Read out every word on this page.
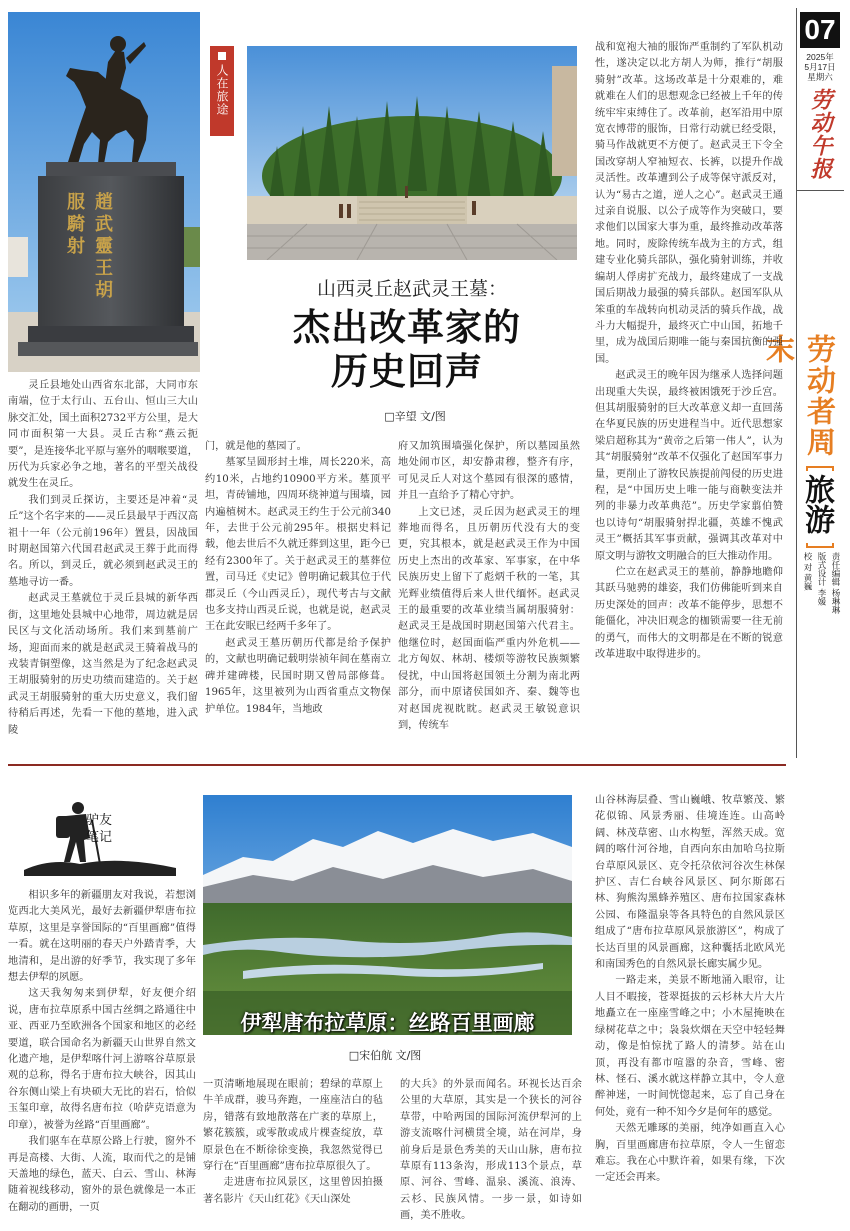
07
2025年
5月17日
星期六
劳动午报
劳动者周末
旅游
责任编辑 杨琳琳
版式设计 李媛
校 对 黄巍
趙武靈王胡服騎射
人在旅途
山西灵丘赵武灵王墓：
杰出改革家的
历史回声
□辛望 文/图

灵丘县地处山西省东北部，大同市东南端，位于太行山、五台山、恒山三大山脉交汇处，国土面积2732平方公里，是大同市面积第一大县。灵丘古称“燕云扼要”，是连接华北平原与塞外的咽喉要道，历代为兵家必争之地，著名的平型关战役就发生在灵丘。

我们到灵丘探访，主要还是冲着“灵丘”这个名字来的——灵丘县最早于西汉高祖十一年（公元前196年）置县，因战国时期赵国第六代国君赵武灵王葬于此而得名。所以，到灵丘，就必须到赵武灵王的墓地寻访一番。

赵武灵王墓就位于灵丘县城的新华西街，这里地处县城中心地带，周边就是居民区与文化活动场所。我们来到墓前广场，迎面而来的就是赵武灵王骑着战马的戎装青铜塑像，这当然是为了纪念赵武灵王胡服骑射的历史功绩而建造的。关于赵武灵王胡服骑射的重大历史意义，我们留待稍后再述，先看一下他的墓地，进入武陵

门，就是他的墓园了。

墓冢呈圆形封土堆，周长220米，高约10米，占地约10900平方米。墓顶平坦，青砖铺地，四周环绕神道与围墙，园内遍植树木。赵武灵王约生于公元前340年，去世于公元前295年。根据史料记载，他去世后不久就迁葬到这里，距今已经有2300年了。关于赵武灵王的墓葬位置，司马迁《史记》曾明确记载其位于代郡灵丘（今山西灵丘），现代考古与文献也多支持山西灵丘说，也就是说，赵武灵王在此安眠已经两千多年了。

赵武灵王墓历朝历代都是给予保护的，文献也明确记载明崇祯年间在墓南立碑并建碑楼，民国时期又曾局部修葺。1965年，这里被列为山西省重点文物保护单位。1984年，当地政

府又加筑围墙强化保护，所以墓园虽然地处闹市区，却安静肃穆，整齐有序，可见灵丘人对这个墓园有很深的感情，并且一直给予了精心守护。

上文已述，灵丘因为赵武灵王的埋葬地而得名，且历朝历代没有大的变更，究其根本，就是赵武灵王作为中国历史上杰出的改革家、军事家，在中华民族历史上留下了彪炳千秋的一笔，其光辉业绩值得后来人世代缅怀。赵武灵王的最重要的改革业绩当属胡服骑射：赵武灵王是战国时期赵国第六代君主。他继位时，赵国面临严重内外危机——北方匈奴、林胡、楼烦等游牧民族频繁侵扰，中山国将赵国领土分割为南北两部分，而中原诸侯国如齐、秦、魏等也对赵国虎视眈眈。赵武灵王敏锐意识到，传统车

战和宽袍大袖的服饰严重制约了军队机动性，遂决定以北方胡人为师，推行“胡服骑射”改革。这场改革是十分艰难的，难就难在人们的思想观念已经被上千年的传统牢牢束缚住了。改革前，赵军沿用中原宽衣博带的服饰，日常行动就已经受限，骑马作战就更不方便了。赵武灵王下令全国改穿胡人窄袖短衣、长裤，以提升作战灵活性。改革遭到公子成等保守派反对，认为“易古之道，逆人之心”。赵武灵王通过亲自说服、以公子成等作为突破口，要求他们以国家大事为重，最终推动改革落地。同时，废除传统车战为主的方式，组建专业化骑兵部队，强化骑射训练，并收编胡人俘虏扩充战力，最终建成了一支战国后期战力最强的骑兵部队。赵国军队从笨重的车战转向机动灵活的骑兵作战，战斗力大幅提升，最终灭亡中山国，拓地千里，成为战国后期唯一能与秦国抗衡的强国。

赵武灵王的晚年因为继承人选择问题出现重大失误，最终被困饿死于沙丘宫。但其胡服骑射的巨大改革意义却一直回荡在华夏民族的历史进程当中。近代思想家梁启超称其为“黄帝之后第一伟人”，认为其“胡服骑射”改革不仅强化了赵国军事力量，更削止了游牧民族提前闯侵的历史进程，是“中国历史上唯一能与商鞅变法并列的非暴力改革典范”。历史学家翦伯赞也以诗句“胡服骑射捍北疆，英雄不愧武灵王”概括其军事贡献，强调其改革对中原文明与游牧文明融合的巨大推动作用。

伫立在赵武灵王的墓前，静静地瞻仰其跃马驰骋的雄姿，我们仿佛能听到来自历史深处的回声：改革不能停步，思想不能僵化，冲决旧观念的枷锁需要一往无前的勇气，而伟大的文明都是在不断的锐意改革进取中取得进步的。

驴友
笔记
伊犁唐布拉草原：丝路百里画廊
□宋伯航 文/图

相识多年的新疆朋友对我说，若想浏览西北大美风光，最好去新疆伊犁唐布拉草原，这里是享誉国际的“百里画廊”值得一看。就在这明丽的春天户外踏青季，大地清和，是出游的好季节，我实现了多年想去伊犁的夙愿。

这天我匆匆来到伊犁，好友便介绍说，唐布拉草原系中国古丝绸之路通往中亚、西亚乃至欧洲各个国家和地区的必经要道，联合国命名为新疆天山世界自然文化遗产地，是伊犁喀什河上游喀谷草原景观的总称，得名于唐布拉大峡谷，因其山谷东侧山梁上有块硕大无比的岩石，恰似玉玺印章，故得名唐布拉（哈萨克语意为印章），被誉为丝路“百里画廊”。

我们驱车在草原公路上行驶，窗外不再是高楼、大街、人流，取而代之的是铺天盖地的绿色，蓝天、白云、雪山、林海随着视线移动，窗外的景色就像是一本正在翻动的画册，一页

一页清晰地展现在眼前；碧绿的草原上牛羊成群，骏马奔跑，一座座洁白的毡房，错落有致地散落在广袤的草原上，繁花簇簇，或零散或成片棵查绽放，草原景色在不断徐徐变换，我忽然觉得已穿行在“百里画廊”唐布拉草原很久了。

走进唐布拉风景区，这里曾因拍摄著名影片《天山红花》《天山深处

的大兵》的外景而闻名。环视长达百余公里的大草原，其实是一个狭长的河谷草带，中哈两国的国际河流伊犁河的上游支流喀什河横贯全境，站在河岸，身前身后是景色秀美的天山山脉，唐布拉草原有113条沟，形成113个景点，草原、河谷、雪峰、温泉、溪流、浪涛、云杉、民族风情。一步一景，如诗如画，美不胜收。

山谷林海层叠、雪山巍峨、牧草繁茂、繁花似锦、风景秀丽、佳境连连。山高岭阔、林茂草密、山水构堑，浑然天成。宽阔的喀什河谷地，自西向东由加哈乌拉斯台草原风景区、克令托尕依河谷次生林保护区、吉仁台峡谷风景区、阿尔斯郎石林、狗熊沟黑蜂养殖区、唐布拉国家森林公园、布隆温泉等各具特色的自然风景区组成了“唐布拉草原风景旅游区”，构成了长达百里的风景画廊，这种囊括北欧风光和南国秀色的自然风景长廊实属少见。

一路走来，美景不断地涌入眼帘，让人目不暇接，苍翠挺拔的云杉林大片大片地矗立在一座座雪峰之中；小木屋掩映在绿树花草之中；袅袅炊烟在天空中轻轻舞动，像是怕惊扰了路人的清梦。站在山顶，再没有都市喧嚣的杂音，雪峰、密林、怪石、溪水就这样静立其中，令人意醉神迷，一时间恍惚起来，忘了自己身在何处，竟有一种不知今夕是何年的感觉。

天然无雕琢的美丽，纯净如画直入心胸，百里画廊唐布拉草原，令人一生留恋难忘。我在心中默许着，如果有缘，下次一定还会再来。
